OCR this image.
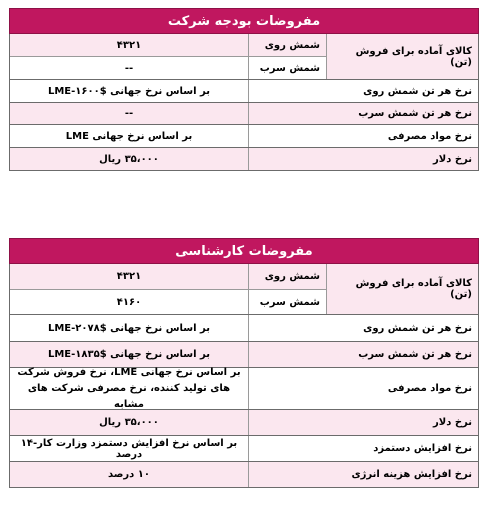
مفروضات بودجه شرکت
کالای آماده برای فروش (تن)
شمش روی
۴۳۲۱
شمش سرب
--
نرخ هر تن شمش روی
بر اساس نرخ جهانی LME-۱۶۰۰$
نرخ هر تن شمش سرب
--
نرخ مواد مصرفی
بر اساس نرخ جهانی LME
نرخ دلار
۳۵،۰۰۰ ریال
مفروضات کارشناسی
کالای آماده برای فروش (تن)
شمش روی
۴۳۲۱
شمش سرب
۴۱۶۰
نرخ هر تن شمش روی
بر اساس نرخ جهانی LME-۲۰۷۸$
نرخ هر تن شمش سرب
بر اساس نرخ جهانی LME-۱۸۳۵$
نرخ مواد مصرفی
بر اساس نرخ جهانی LME، نرخ فروش شرکت های تولید کننده، نرخ مصرفی شرکت های مشابه
نرخ دلار
۳۵،۰۰۰ ریال
نرخ افزایش دستمزد
بر اساس نرخ افزایش دستمزد وزارت کار-۱۴ درصد
نرخ افزایش هزینه انرژی
۱۰ درصد
